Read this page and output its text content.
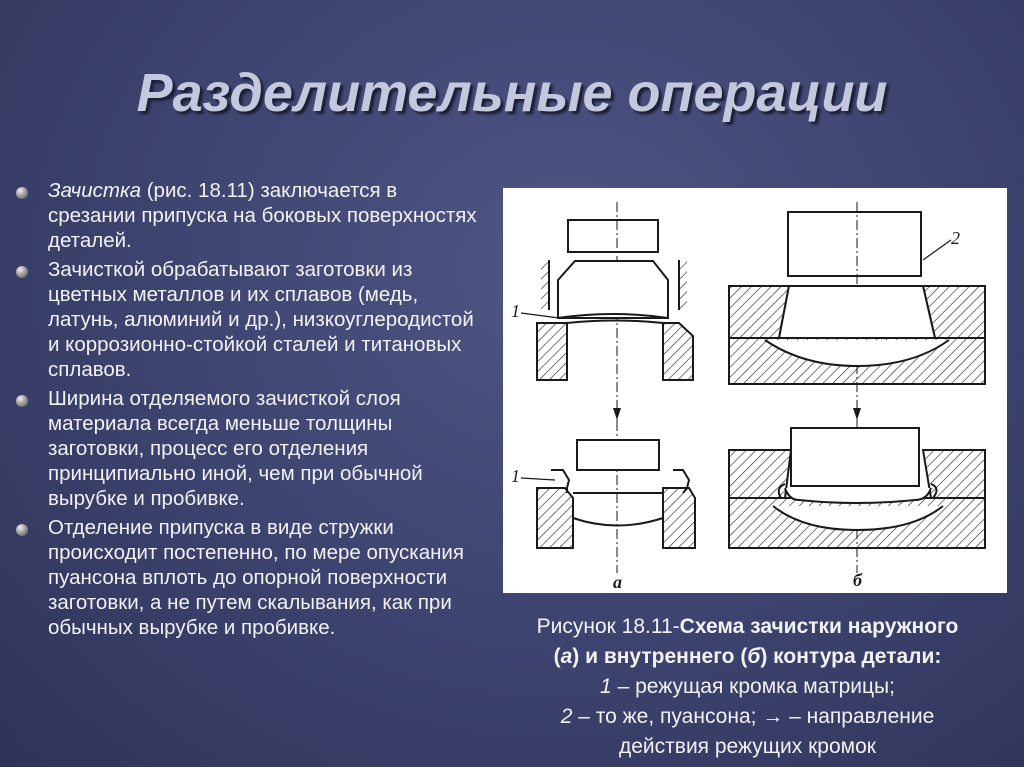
Разделительные операции
Зачистка (рис. 18.11) заключается в срезании припуска на боковых поверхностях деталей.
Зачисткой обрабатывают заготовки из цветных металлов и их сплавов (медь, латунь, алюминий и др.), низкоуглеродистой и коррозионно-стойкой сталей и титановых сплавов.
Ширина отделяемого зачисткой слоя материала всегда меньше толщины заготовки, процесс его отделения принципиально иной, чем при обычной вырубке и пробивке.
Отделение припуска в виде стружки происходит постепенно, по мере опускания пуансона вплоть до опорной поверхности заготовки, а не путем скалывания, как при обычных вырубке и пробивке.
1
1
2
а	б

Рисунок 18.11-Схема зачистки наружного

(а) и внутреннего (б) контура детали:

1 – режущая кромка матрицы;

2 – то же, пуансона; → – направление

действия режущих кромок
